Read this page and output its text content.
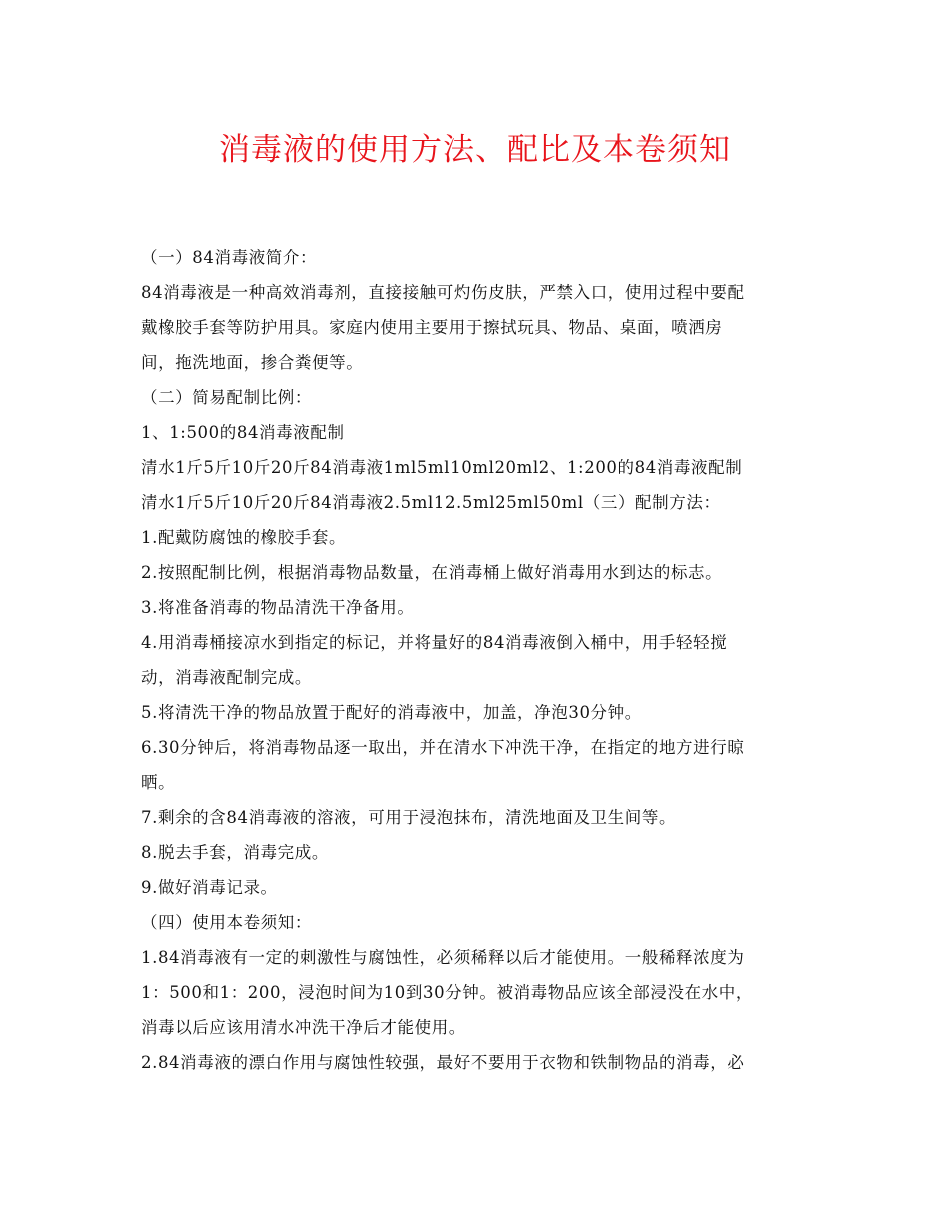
消毒液的使用方法、配比及本卷须知
（一）84消毒液简介：
84消毒液是一种高效消毒剂，直接接触可灼伤皮肤，严禁入口，使用过程中要配
戴橡胶手套等防护用具。家庭内使用主要用于擦拭玩具、物品、桌面，喷洒房
间，拖洗地面，掺合粪便等。
（二）简易配制比例：
1、1:500的84消毒液配制
清水1斤5斤10斤20斤84消毒液1ml5ml10ml20ml2、1:200的84消毒液配制
清水1斤5斤10斤20斤84消毒液2.5ml12.5ml25ml50ml（三）配制方法：
1.配戴防腐蚀的橡胶手套。
2.按照配制比例，根据消毒物品数量，在消毒桶上做好消毒用水到达的标志。
3.将准备消毒的物品清洗干净备用。
4.用消毒桶接凉水到指定的标记，并将量好的84消毒液倒入桶中，用手轻轻搅
动，消毒液配制完成。
5.将清洗干净的物品放置于配好的消毒液中，加盖，净泡30分钟。
6.30分钟后，将消毒物品逐一取出，并在清水下冲洗干净，在指定的地方进行晾
晒。
7.剩余的含84消毒液的溶液，可用于浸泡抹布，清洗地面及卫生间等。
8.脱去手套，消毒完成。
9.做好消毒记录。
（四）使用本卷须知：
1.84消毒液有一定的刺激性与腐蚀性，必须稀释以后才能使用。一般稀释浓度为
1：500和1：200，浸泡时间为10到30分钟。被消毒物品应该全部浸没在水中，
消毒以后应该用清水冲洗干净后才能使用。
2.84消毒液的漂白作用与腐蚀性较强，最好不要用于衣物和铁制物品的消毒，必
